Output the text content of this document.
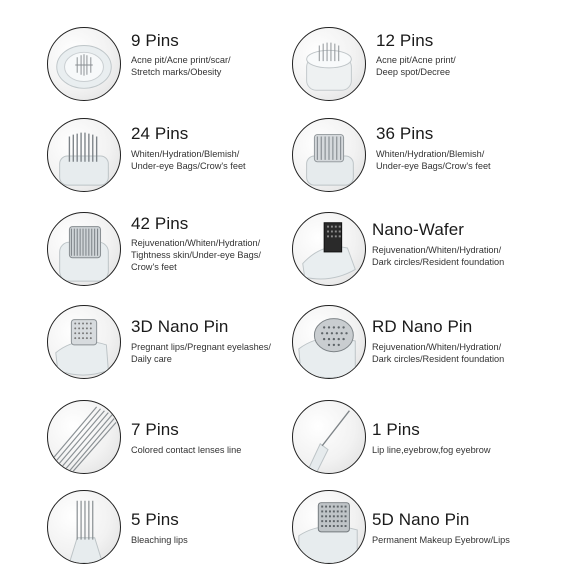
9 Pins
Acne pit/Acne print/scar/
Stretch marks/Obesity
12 Pins
Acne pit/Acne print/
Deep spot/Decree
24 Pins
Whiten/Hydration/Blemish/
Under-eye Bags/Crow's feet
36 Pins
Whiten/Hydration/Blemish/
Under-eye Bags/Crow's feet
42 Pins
Rejuvenation/Whiten/Hydration/
Tightness skin/Under-eye Bags/
Crow's feet
Nano-Wafer
Rejuvenation/Whiten/Hydration/
Dark circles/Resident foundation
3D Nano Pin
Pregnant lips/Pregnant eyelashes/
Daily care
RD Nano Pin
Rejuvenation/Whiten/Hydration/
Dark circles/Resident foundation
7 Pins
Colored contact lenses line
1 Pins
Lip line,eyebrow,fog eyebrow
5 Pins
Bleaching lips
5D Nano Pin
Permanent Makeup Eyebrow/Lips
